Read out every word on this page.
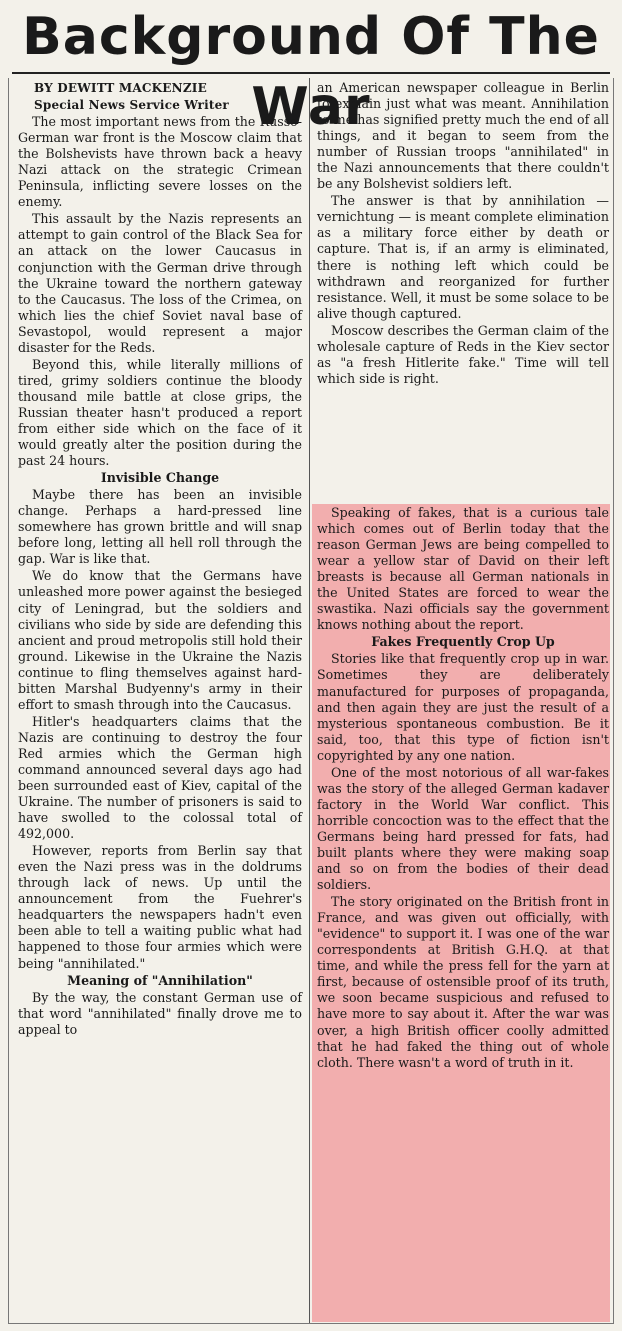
Background Of The War

BY DEWITT MACKENZIE

Special News Service Writer

The most important news from the Russo-German war front is the Moscow claim that the Bolshevists have thrown back a heavy Nazi attack on the strategic Crimean Peninsula, inflicting severe losses on the enemy.

This assault by the Nazis represents an attempt to gain control of the Black Sea for an attack on the lower Caucasus in conjunction with the German drive through the Ukraine toward the northern gateway to the Caucasus. The loss of the Crimea, on which lies the chief Soviet naval base of Sevastopol, would represent a major disaster for the Reds.

Beyond this, while literally millions of tired, grimy soldiers continue the bloody thousand mile battle at close grips, the Russian theater hasn't produced a report from either side which on the face of it would greatly alter the position during the past 24 hours.

Invisible Change

Maybe there has been an invisible change. Perhaps a hard-pressed line somewhere has grown brittle and will snap before long, letting all hell roll through the gap. War is like that.

We do know that the Germans have unleashed more power against the besieged city of Leningrad, but the soldiers and civilians who side by side are defending this ancient and proud metropolis still hold their ground. Likewise in the Ukraine the Nazis continue to fling themselves against hard-bitten Marshal Budyenny's army in their effort to smash through into the Caucasus.

Hitler's headquarters claims that the Nazis are continuing to destroy the four Red armies which the German high command announced several days ago had been surrounded east of Kiev, capital of the Ukraine. The number of prisoners is said to have swolled to the colossal total of 492,000.

However, reports from Berlin say that even the Nazi press was in the doldrums through lack of news. Up until the announcement from the Fuehrer's headquarters the newspapers hadn't even been able to tell a waiting public what had happened to those four armies which were being "annihilated."

Meaning of "Annihilation"

By the way, the constant German use of that word "annihilated" finally drove me to appeal to

an American newspaper colleague in Berlin to explain just what was meant. Annihilation to me has signified pretty much the end of all things, and it began to seem from the number of Russian troops "annihilated" in the Nazi announcements that there couldn't be any Bolshevist soldiers left.

The answer is that by annihilation — vernichtung — is meant complete elimination as a military force either by death or capture. That is, if an army is eliminated, there is nothing left which could be withdrawn and reorganized for further resistance. Well, it must be some solace to be alive though captured.

Moscow describes the German claim of the wholesale capture of Reds in the Kiev sector as "a fresh Hitlerite fake." Time will tell which side is right.

Speaking of fakes, that is a curious tale which comes out of Berlin today that the reason German Jews are being compelled to wear a yellow star of David on their left breasts is because all German nationals in the United States are forced to wear the swastika. Nazi officials say the government knows nothing about the report.

Fakes Frequently Crop Up

Stories like that frequently crop up in war. Sometimes they are deliberately manufactured for purposes of propaganda, and then again they are just the result of a mysterious spontaneous combustion. Be it said, too, that this type of fiction isn't copyrighted by any one nation.

One of the most notorious of all war-fakes was the story of the alleged German kadaver factory in the World War conflict. This horrible concoction was to the effect that the Germans being hard pressed for fats, had built plants where they were making soap and so on from the bodies of their dead soldiers.

The story originated on the British front in France, and was given out officially, with "evidence" to support it. I was one of the war correspondents at British G.H.Q. at that time, and while the press fell for the yarn at first, because of ostensible proof of its truth, we soon became suspicious and refused to have more to say about it. After the war was over, a high British officer coolly admitted that he had faked the thing out of whole cloth. There wasn't a word of truth in it.
